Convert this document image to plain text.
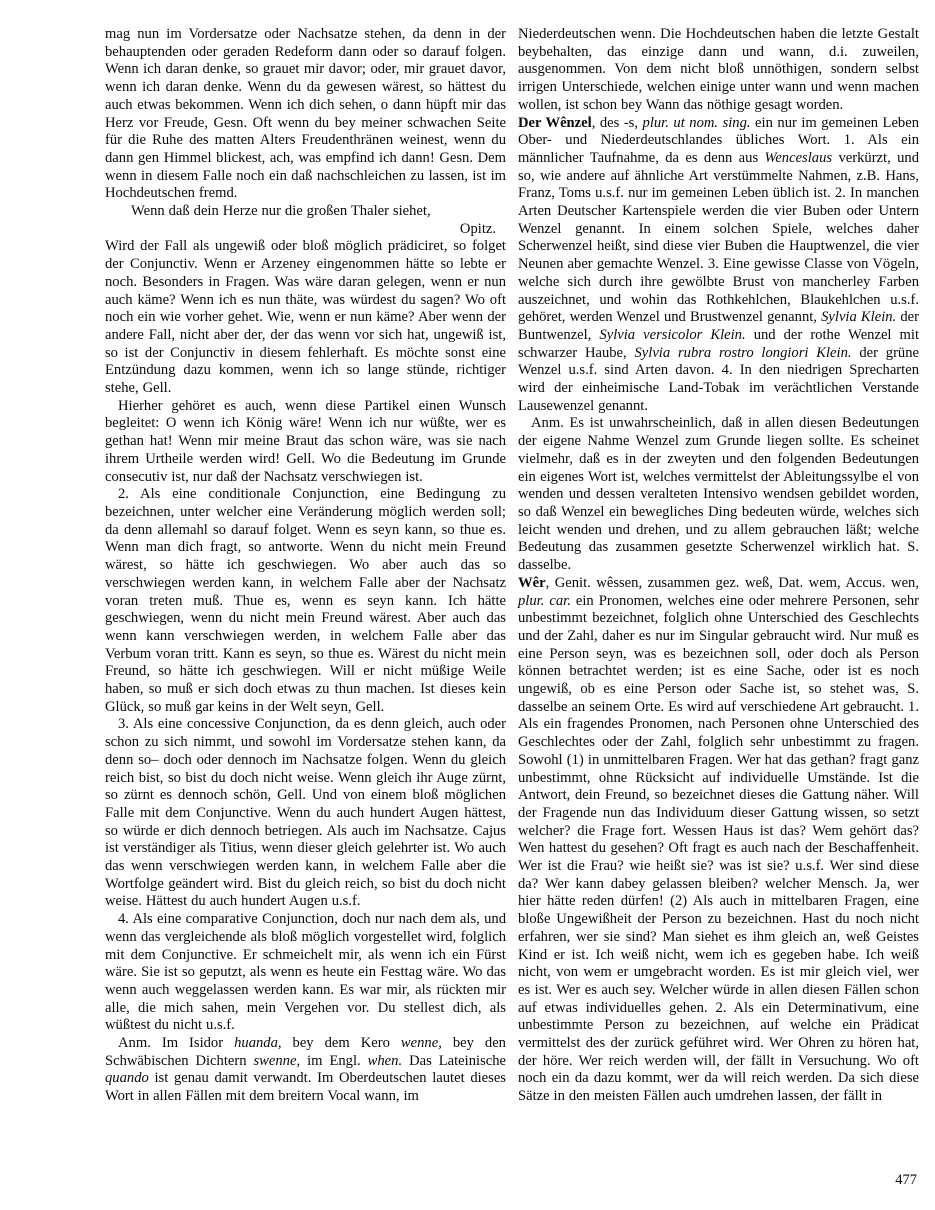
mag nun im Vordersatze oder Nachsatze stehen, da denn in der behauptenden oder geraden Redeform dann oder so darauf folgen. Wenn ich daran denke, so grauet mir davor; oder, mir grauet davor, wenn ich daran denke. Wenn du da gewesen wärest, so hättest du auch etwas bekommen. Wenn ich dich sehen, o dann hüpft mir das Herz vor Freude, Gesn. Oft wenn du bey meiner schwachen Seite für die Ruhe des matten Alters Freudenthränen weinest, wenn du dann gen Himmel blickest, ach, was empfind ich dann! Gesn. Dem wenn in diesem Falle noch ein daß nachschleichen zu lassen, ist im Hochdeutschen fremd.

Wenn daß dein Herze nur die großen Thaler siehet,

Opitz.

Wird der Fall als ungewiß oder bloß möglich prädiciret, so folget der Conjunctiv. Wenn er Arzeney eingenommen hätte so lebte er noch. Besonders in Fragen. Was wäre daran gelegen, wenn er nun auch käme? Wenn ich es nun thäte, was würdest du sagen? Wo oft noch ein wie vorher gehet. Wie, wenn er nun käme? Aber wenn der andere Fall, nicht aber der, der das wenn vor sich hat, ungewiß ist, so ist der Conjunctiv in diesem fehlerhaft. Es möchte sonst eine Entzündung dazu kommen, wenn ich so lange stünde, richtiger stehe, Gell.

Hierher gehöret es auch, wenn diese Partikel einen Wunsch begleitet: O wenn ich König wäre! Wenn ich nur wüßte, wer es gethan hat! Wenn mir meine Braut das schon wäre, was sie nach ihrem Urtheile werden wird! Gell. Wo die Bedeutung im Grunde consecutiv ist, nur daß der Nachsatz verschwiegen ist.

2. Als eine conditionale Conjunction, eine Bedingung zu bezeichnen, unter welcher eine Veränderung möglich werden soll; da denn allemahl so darauf folget. Wenn es seyn kann, so thue es. Wenn man dich fragt, so antworte. Wenn du nicht mein Freund wärest, so hätte ich geschwiegen. Wo aber auch das so verschwiegen werden kann, in welchem Falle aber der Nachsatz voran treten muß. Thue es, wenn es seyn kann. Ich hätte geschwiegen, wenn du nicht mein Freund wärest. Aber auch das wenn kann verschwiegen werden, in welchem Falle aber das Verbum voran tritt. Kann es seyn, so thue es. Wärest du nicht mein Freund, so hätte ich geschwiegen. Will er nicht müßige Weile haben, so muß er sich doch etwas zu thun machen. Ist dieses kein Glück, so muß gar keins in der Welt seyn, Gell.

3. Als eine concessive Conjunction, da es denn gleich, auch oder schon zu sich nimmt, und sowohl im Vordersatze stehen kann, da denn so– doch oder dennoch im Nachsatze folgen. Wenn du gleich reich bist, so bist du doch nicht weise. Wenn gleich ihr Auge zürnt, so zürnt es dennoch schön, Gell. Und von einem bloß möglichen Falle mit dem Conjunctive. Wenn du auch hundert Augen hättest, so würde er dich dennoch betriegen. Als auch im Nachsatze. Cajus ist verständiger als Titius, wenn dieser gleich gelehrter ist. Wo auch das wenn verschwiegen werden kann, in welchem Falle aber die Wortfolge geändert wird. Bist du gleich reich, so bist du doch nicht weise. Hättest du auch hundert Augen u.s.f.

4. Als eine comparative Conjunction, doch nur nach dem als, und wenn das vergleichende als bloß möglich vorgestellet wird, folglich mit dem Conjunctive. Er schmeichelt mir, als wenn ich ein Fürst wäre. Sie ist so geputzt, als wenn es heute ein Festtag wäre. Wo das wenn auch weggelassen werden kann. Es war mir, als rückten mir alle, die mich sahen, mein Vergehen vor. Du stellest dich, als wüßtest du nicht u.s.f.

Anm. Im Isidor huanda, bey dem Kero wenne, bey den Schwäbischen Dichtern swenne, im Engl. when. Das Lateinische quando ist genau damit verwandt. Im Oberdeutschen lautet dieses Wort in allen Fällen mit dem breitern Vocal wann, im

Niederdeutschen wenn. Die Hochdeutschen haben die letzte Gestalt beybehalten, das einzige dann und wann, d.i. zuweilen, ausgenommen. Von dem nicht bloß unnöthigen, sondern selbst irrigen Unterschiede, welchen einige unter wann und wenn machen wollen, ist schon bey Wann das nöthige gesagt worden.

Der Wênzel, des -s, plur. ut nom. sing. ein nur im gemeinen Leben Ober- und Niederdeutschlandes übliches Wort. 1. Als ein männlicher Taufnahme, da es denn aus Wenceslaus verkürzt, und so, wie andere auf ähnliche Art verstümmelte Nahmen, z.B. Hans, Franz, Toms u.s.f. nur im gemeinen Leben üblich ist. 2. In manchen Arten Deutscher Kartenspiele werden die vier Buben oder Untern Wenzel genannt. In einem solchen Spiele, welches daher Scherwenzel heißt, sind diese vier Buben die Hauptwenzel, die vier Neunen aber gemachte Wenzel. 3. Eine gewisse Classe von Vögeln, welche sich durch ihre gewölbte Brust von mancherley Farben auszeichnet, und wohin das Rothkehlchen, Blaukehlchen u.s.f. gehöret, werden Wenzel und Brustwenzel genannt, Sylvia Klein. der Buntwenzel, Sylvia versicolor Klein. und der rothe Wenzel mit schwarzer Haube, Sylvia rubra rostro longiori Klein. der grüne Wenzel u.s.f. sind Arten davon. 4. In den niedrigen Sprecharten wird der einheimische Land-Tobak im verächtlichen Verstande Lausewenzel genannt.

Anm. Es ist unwahrscheinlich, daß in allen diesen Bedeutungen der eigene Nahme Wenzel zum Grunde liegen sollte. Es scheinet vielmehr, daß es in der zweyten und den folgenden Bedeutungen ein eigenes Wort ist, welches vermittelst der Ableitungssylbe el von wenden und dessen veralteten Intensivo wendsen gebildet worden, so daß Wenzel ein bewegliches Ding bedeuten würde, welches sich leicht wenden und drehen, und zu allem gebrauchen läßt; welche Bedeutung das zusammen gesetzte Scherwenzel wirklich hat. S. dasselbe.

Wêr, Genit. wêssen, zusammen gez. weß, Dat. wem, Accus. wen, plur. car. ein Pronomen, welches eine oder mehrere Personen, sehr unbestimmt bezeichnet, folglich ohne Unterschied des Geschlechts und der Zahl, daher es nur im Singular gebraucht wird. Nur muß es eine Person seyn, was es bezeichnen soll, oder doch als Person können betrachtet werden; ist es eine Sache, oder ist es noch ungewiß, ob es eine Person oder Sache ist, so stehet was, S. dasselbe an seinem Orte. Es wird auf verschiedene Art gebraucht. 1. Als ein fragendes Pronomen, nach Personen ohne Unterschied des Geschlechtes oder der Zahl, folglich sehr unbestimmt zu fragen. Sowohl (1) in unmittelbaren Fragen. Wer hat das gethan? fragt ganz unbestimmt, ohne Rücksicht auf individuelle Umstände. Ist die Antwort, dein Freund, so bezeichnet dieses die Gattung näher. Will der Fragende nun das Individuum dieser Gattung wissen, so setzt welcher? die Frage fort. Wessen Haus ist das? Wem gehört das? Wen hattest du gesehen? Oft fragt es auch nach der Beschaffenheit. Wer ist die Frau? wie heißt sie? was ist sie? u.s.f. Wer sind diese da? Wer kann dabey gelassen bleiben? welcher Mensch. Ja, wer hier hätte reden dürfen! (2) Als auch in mittelbaren Fragen, eine bloße Ungewißheit der Person zu bezeichnen. Hast du noch nicht erfahren, wer sie sind? Man siehet es ihm gleich an, weß Geistes Kind er ist. Ich weiß nicht, wem ich es gegeben habe. Ich weiß nicht, von wem er umgebracht worden. Es ist mir gleich viel, wer es ist. Wer es auch sey. Welcher würde in allen diesen Fällen schon auf etwas individuelles gehen. 2. Als ein Determinativum, eine unbestimmte Person zu bezeichnen, auf welche ein Prädicat vermittelst des der zurück geführet wird. Wer Ohren zu hören hat, der höre. Wer reich werden will, der fällt in Versuchung. Wo oft noch ein da dazu kommt, wer da will reich werden. Da sich diese Sätze in den meisten Fällen auch umdrehen lassen, der fällt in

477
